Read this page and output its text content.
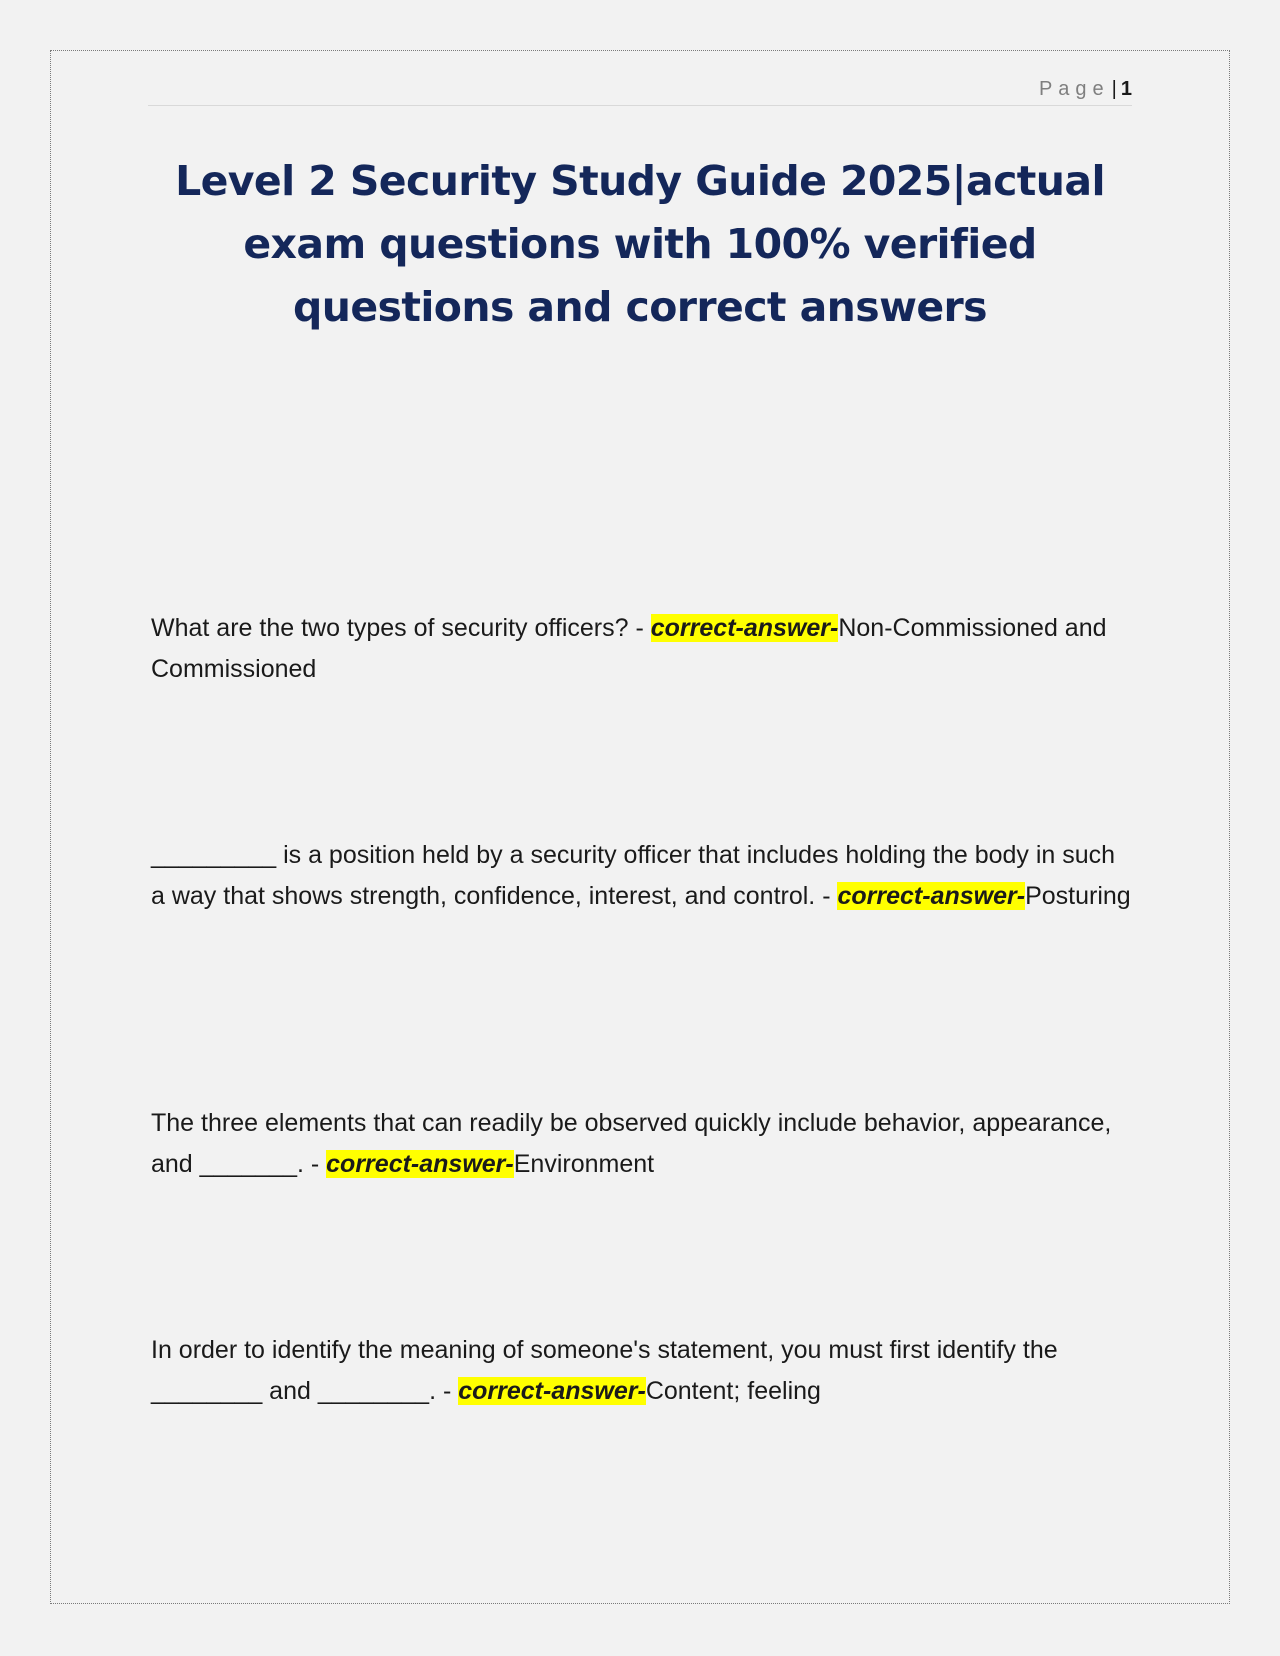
Page | 1
Level 2 Security Study Guide 2025|actual exam questions with 100% verified questions and correct answers

What are the two types of security officers? - correct-answer-Non-Commissioned and Commissioned

_________ is a position held by a security officer that includes holding the body in such a way that shows strength, confidence, interest, and control. - correct-answer-Posturing

The three elements that can readily be observed quickly include behavior, appearance, and _______. - correct-answer-Environment

In order to identify the meaning of someone's statement, you must first identify the ________ and ________. - correct-answer-Content; feeling
